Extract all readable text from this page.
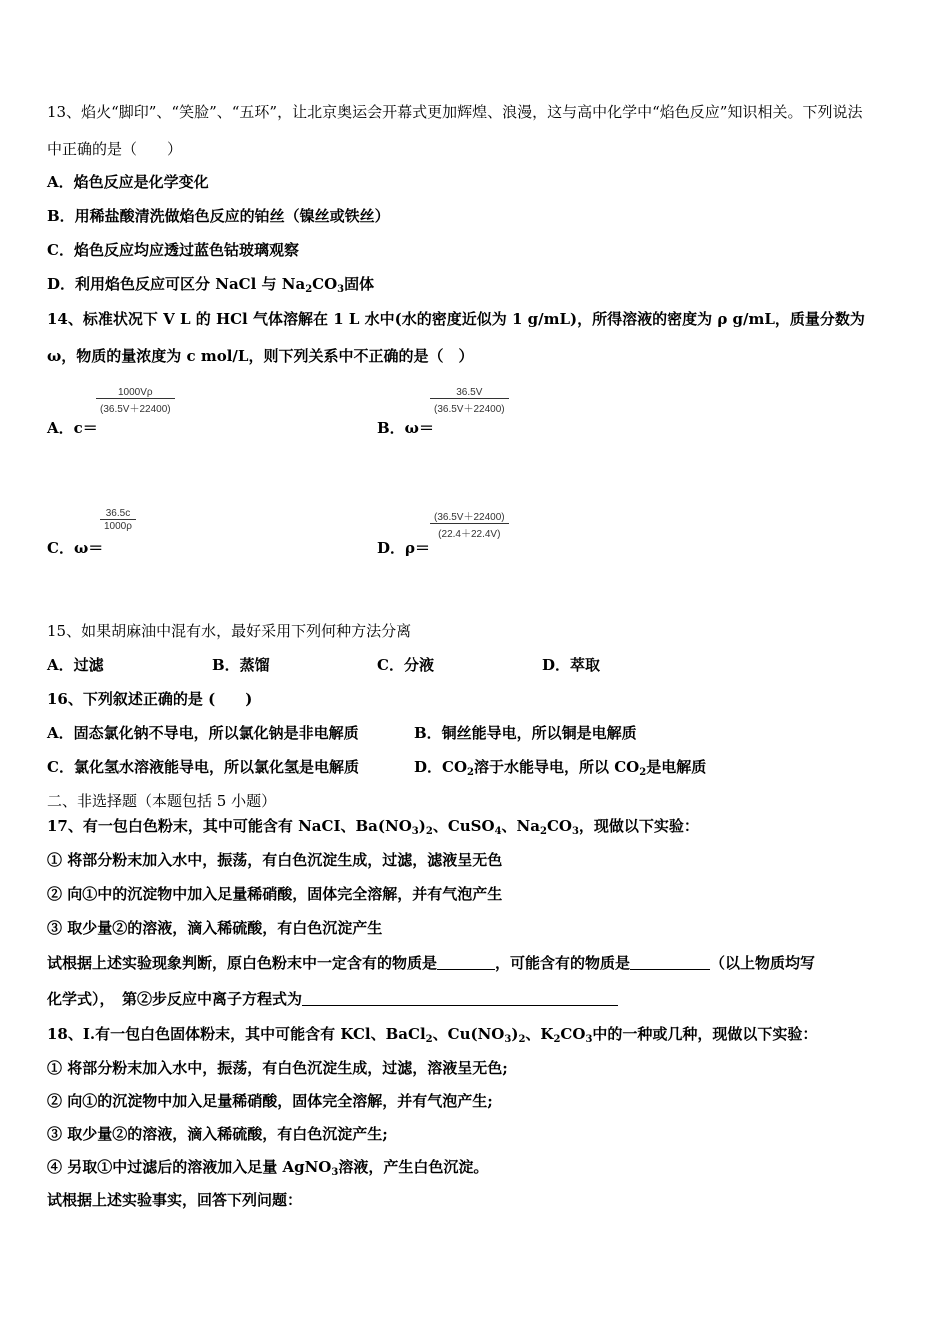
13、焰火“脚印”、“笑脸”、“五环”，让北京奥运会开幕式更加辉煌、浪漫，这与高中化学中“焰色反应”知识相关。下列说法
中正确的是（　　）
A．焰色反应是化学变化
B．用稀盐酸清洗做焰色反应的铂丝（镍丝或铁丝）
C．焰色反应均应透过蓝色钴玻璃观察
D．利用焰色反应可区分 NaCl 与 $Na_2CO_3$固体
14、标准状况下 V L 的 HCl 气体溶解在 1 L 水中(水的密度近似为 1 g/mL)，所得溶液的密度为 ρ g/mL，质量分数为
ω，物质的量浓度为 c mol/L，则下列关系中不正确的是（　）
$\frac{1000V\rho}{(36.5V+22400)}$
A．c＝
$\frac{36.5V}{(36.5V+22400)}$
B．ω＝
$\frac{36.5c}{1000\rho}$
C．ω＝
$\frac{(36.5V+22400)}{(22.4+22.4V)}$
D．ρ＝
15、如果胡麻油中混有水，最好采用下列何种方法分离
A．过滤	B．蒸馏	C．分液	D．萃取
16、下列叙述正确的是 (　　)
A．固态氯化钠不导电，所以氯化钠是非电解质	B．铜丝能导电，所以铜是电解质
C．氯化氢水溶液能导电，所以氯化氢是电解质	D．$CO_2$溶于水能导电，所以 $CO_2$是电解质
二、非选择题（本题包括 5 小题）
17、有一包白色粉末，其中可能含有 NaCI、$Ba(NO_3)_2$、CuSO$_4$、$Na_2CO_3$，现做以下实验：
① 将部分粉末加入水中，振荡，有白色沉淀生成，过滤，滤液呈无色
② 向①中的沉淀物中加入足量稀硝酸，固体完全溶解，并有气泡产生
③ 取少量②的溶液，滴入稀硫酸，有白色沉淀产生
试根据上述实验现象判断，原白色粉末中一定含有的物质是	，可能含有的物质是	（以上物质均写
化学式），　第②步反应中离子方程式为
18、Ⅰ.有一包白色固体粉末，其中可能含有 KCl、BaCl$_2$、$Cu(NO_3)_2$、$K_2CO_3$中的一种或几种，现做以下实验：
① 将部分粉末加入水中，振荡，有白色沉淀生成，过滤，溶液呈无色;
② 向①的沉淀物中加入足量稀硝酸，固体完全溶解，并有气泡产生;
③ 取少量②的溶液，滴入稀硫酸，有白色沉淀产生;
④ 另取①中过滤后的溶液加入足量 AgNO$_3$溶液，产生白色沉淀。
试根据上述实验事实，回答下列问题：
